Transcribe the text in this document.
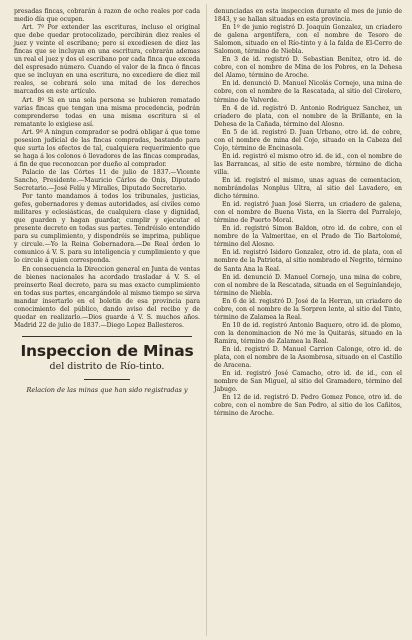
presadas fincas, cobrarán á razon de ocho reales por cada medio día que ocupen.

Art. 7º Por extender las escrituras, incluso el original que debe quedar protocolizado, percibirán diez reales el juez y veinte el escribano; pero si excediesen de diez las fincas que se incluyan en una escritura, cobrarán ademas un real el juez y dos el escribano por cada finca que exceda del espresado número. Cuando el valor de la finca ó fincas que se incluyan en una escritura, no excediere de diez mil reales, se cobrará solo una mitad de los derechos marcados en este artículo.

Art. 8º Si en una sola persona se hubieren rematado varias fincas que tengan una misma procedencia, podrán comprenderse todas en una misma escritura si el rematante lo exigiese así.

Art. 9º A ningun comprador se podrá obligar á que tome posesion judicial de las fincas compradas, bastando para que surta los efectos de tal, cualquiera requerimiento que se haga á los colonos ó llevadores de las fincas compradas, á fin de que reconozcan por dueño al comprador.

Palacio de las Córtes 11 de julio de 1837.—Vicente Sancho, Presidente.—Mauricio Cárlos de Onis, Diputado Secretario.—José Felíu y Miralles, Diputado Secretario.

Por tanto mandamos á todos los tribunales, justicias, gefes, gobernadores y demas autoridades, así civiles como militares y eclesiásticas, de cualquiera clase y dignidad, que guarden y hagan guardar, cumplir y ejecutar el presente decreto en todas sus partes. Tendréislo entendido para su cumplimiento, y dispondréis se imprima, publique y circule.—Yo la Reina Gobernadora.—De Real órden lo comunico á V. S. para su inteligencia y cumplimiento y que lo circule á quien corresponda.

En consecuencia la Direccion general en Junta de ventas de bienes nacionales ha acordado trasladar á V. S. el preinserto Real decreto, para su mas exacto cumplimiento en todas sus partes, encargándole al mismo tiempo se sirva mandar insertarlo en el boletin de esa provincia para conocimiento del público, dando aviso del recibo y de quedar en realizarlo.—Dios guarde á V. S. muchos años. Madrid 22 de julio de 1837.—Diego Lopez Ballesteros.

Inspeccion de Minas
del distrito de Río-tinto.
Relacion de las minas que han sido registradas y

denunciadas en esta inspeccion durante el mes de junio de 1843, y se hallan situadas en esta provincia.

En 1º de junio registró D. Joaquin Gonzalez, un criadero de galena argentífera, con el nombre de Tesoro de Salomon, situado en el Río-tinto y á la falda de El-Cerro de Salomon, término de Niebla.

En 3 de id. registró D. Sebastian Benitez, otro id. de cobre, con el nombre de Mina de los Pobres, en la Dehesa del Alamo, término de Aroche.

En id. denunció D. Manuel Nicolás Cornejo, una mina de cobre, con el nombre de la Rescatada, al sitio del Cirolero, término de Valverde.

En 4 de id. registró D. Antonio Rodriguez Sanchez, un criadero de plata, con el nombre de la Brillante, en la Dehesa de la Cañada, término del Alosno.

En 5 de id. registró D. Juan Urbano, otro id. de cobre, con el nombre de mina del Cojo, situado en la Cabeza del Cojo, término de Encinasola.

En id. registró el mismo otro id. de id., con el nombre de las Barrancas, al sitio de este nombre, término de dicha villa.

En id. registró el mismo, unas aguas de cementacion, nombrándolas Nonplus Ultra, al sitio del Lavadero, en dicho término.

En id. registró Juan José Sierra, un criadero de galena, con el nombre de Buena Vista, en la Sierra del Parralejo, término de Puerto Moral.

En id. registró Simon Baldon, otro id. de cobre, con el nombre de la Valmeritae, en el Prado de Tío Bartolomé, término del Alosno.

En id. registró Isidoro Gonzalez, otro id. de plata, con el nombre de la Patriota, al sitio nombrado el Negrito, término de Santa Ana la Real.

En id. denunció D. Manuel Cornejo, una mina de cobre, con el nombre de la Rescatada, situada en el Seguinlandejo, término de Niebla.

En 6 de id. registró D. José de la Herran, un criadero de cobre, con el nombre de la Sorpren lente, al sitio del Tinto, término de Zalamea la Real.

En 10 de id. registró Antonio Baquero, otro id. de plomo, con la denominacion de Nó me la Quitarás, situado en la Ramira, término de Zalamea la Real.

En id. registró D. Manuel Carrion Calonge, otro id. de plata, con el nombre de la Asombrosa, situado en el Castillo de Aracena.

En id. registró José Camacho, otro id. de id., con el nombre de San Miguel, al sitio del Gramadero, término del Jabugo.

En 12 de id. registró D. Pedro Gomez Ponce, otro id. de cobre, con el nombre de San Pedro, al sitio de los Cañitos, término de Aroche.
